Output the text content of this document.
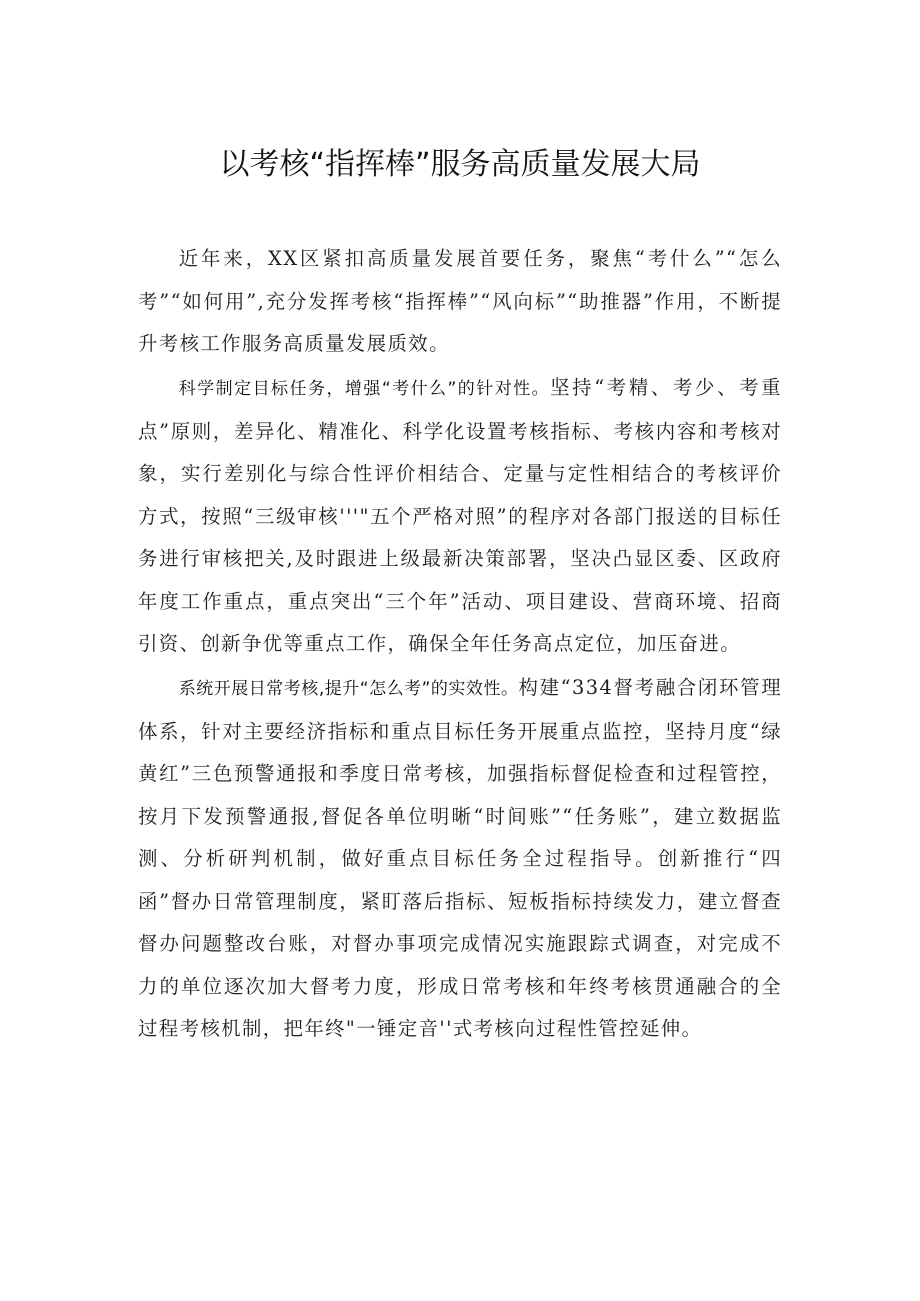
以考核“指挥棒”服务高质量发展大局

近年来，XX区紧扣高质量发展首要任务，聚焦“考什么”“怎么考”“如何用”,充分发挥考核“指挥棒”“风向标”“助推器”作用，不断提升考核工作服务高质量发展质效。

科学制定目标任务，增强“考什么”的针对性。坚持“考精、考少、考重点”原则，差异化、精准化、科学化设置考核指标、考核内容和考核对象，实行差别化与综合性评价相结合、定量与定性相结合的考核评价方式，按照“三级审核'''"五个严格对照”的程序对各部门报送的目标任务进行审核把关,及时跟进上级最新决策部署，坚决凸显区委、区政府年度工作重点，重点突出“三个年”活动、项目建设、营商环境、招商引资、创新争优等重点工作，确保全年任务高点定位，加压奋进。

系统开展日常考核,提升“怎么考”的实效性。构建“334督考融合闭环管理体系，针对主要经济指标和重点目标任务开展重点监控，坚持月度“绿黄红”三色预警通报和季度日常考核，加强指标督促检查和过程管控，按月下发预警通报,督促各单位明晰“时间账”“任务账”，建立数据监测、分析研判机制，做好重点目标任务全过程指导。创新推行“四函”督办日常管理制度，紧盯落后指标、短板指标持续发力，建立督查督办问题整改台账，对督办事项完成情况实施跟踪式调查，对完成不力的单位逐次加大督考力度，形成日常考核和年终考核贯通融合的全过程考核机制，把年终"一锤定音''式考核向过程性管控延伸。
